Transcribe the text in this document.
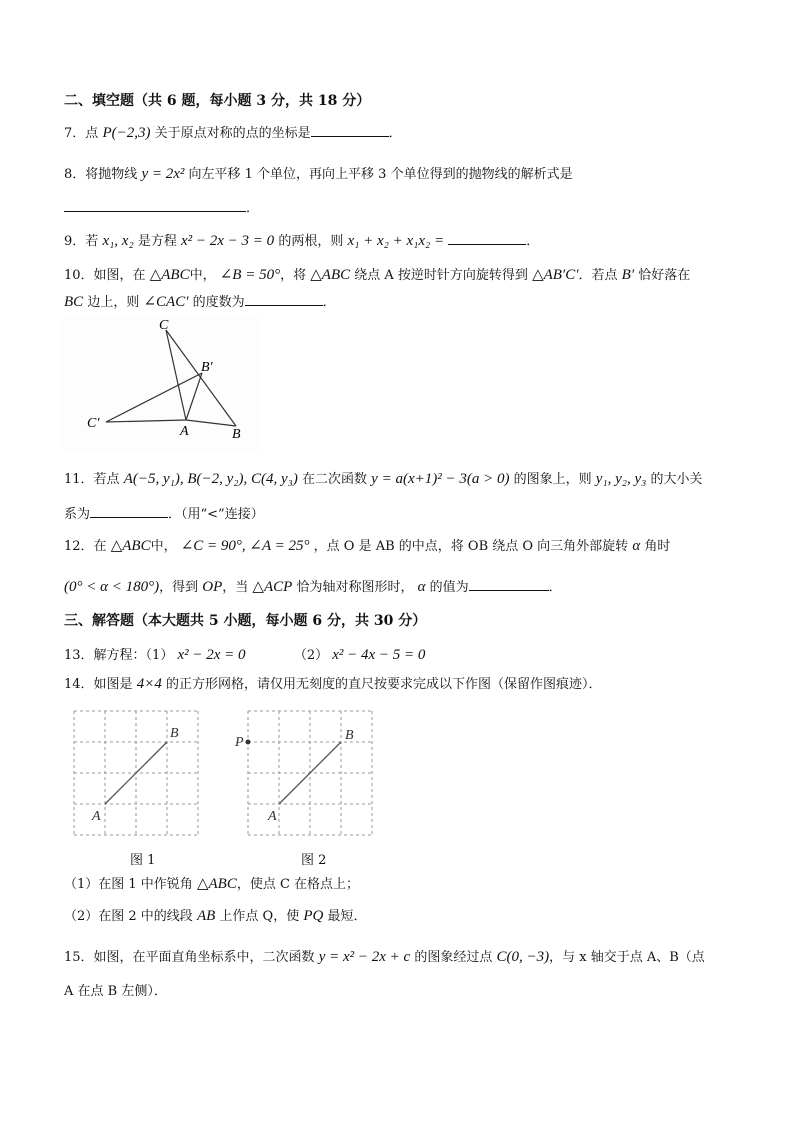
二、填空题（共 6 题，每小题 3 分，共 18 分）
7．点 P(−2,3) 关于原点对称的点的坐标是	．
8．将抛物线 y = 2x² 向左平移 1 个单位，再向上平移 3 个单位得到的抛物线的解析式是
．
9．若 x₁, x₂ 是方程 x² − 2x − 3 = 0 的两根，则 x₁ + x₂ + x₁x₂ =	．
10．如图，在 △ABC中， ∠B = 50°，将 △ABC 绕点 A 按逆时针方向旋转得到 △AB′C′．若点 B′ 恰好落在
BC 边上，则 ∠CAC′ 的度数为	．
C
B′
C′
A	B
11．若点 A(−5, y₁), B(−2, y₂), C(4, y₃) 在二次函数 y = a(x+1)² − 3(a > 0) 的图象上，则 y₁, y₂, y₃ 的大小关
系为	．（用“<”连接）
12．在 △ABC中， ∠C = 90°, ∠A = 25° ，点 O 是 AB 的中点，将 OB 绕点 O 向三角外部旋转 α 角时
(0° < α < 180°)，得到 OP，当 △ACP 恰为轴对称图形时， α 的值为	．
三、解答题（本大题共 5 小题，每小题 6 分，共 30 分）
13．解方程：（1） x² − 2x = 0	（2） x² − 4x − 5 = 0
14．如图是 4×4 的正方形网格，请仅用无刻度的直尺按要求完成以下作图（保留作图痕迹）．
A
B
P
A
B
图 1	图 2
（1）在图 1 中作锐角 △ABC，使点 C 在格点上；
（2）在图 2 中的线段 AB 上作点 Q，使 PQ 最短．
15．如图，在平面直角坐标系中，二次函数 y = x² − 2x + c 的图象经过点 C(0, −3)，与 x 轴交于点 A、B（点
A 在点 B 左侧）．
